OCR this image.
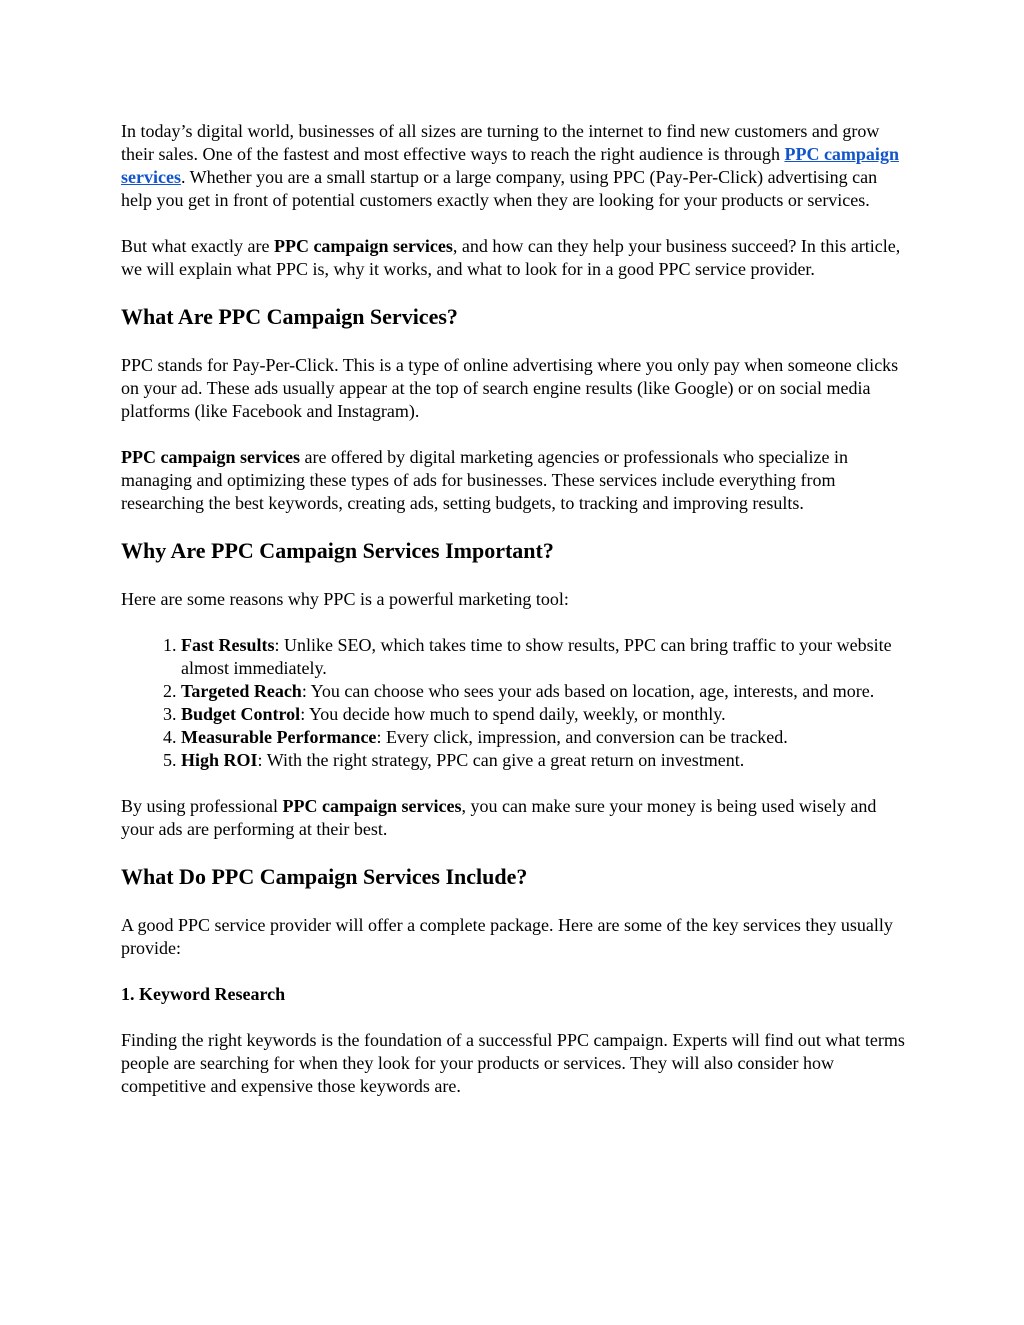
In today’s digital world, businesses of all sizes are turning to the internet to find new customers and grow their sales. One of the fastest and most effective ways to reach the right audience is through PPC campaign services. Whether you are a small startup or a large company, using PPC (Pay-Per-Click) advertising can help you get in front of potential customers exactly when they are looking for your products or services.

But what exactly are PPC campaign services, and how can they help your business succeed? In this article, we will explain what PPC is, why it works, and what to look for in a good PPC service provider.

What Are PPC Campaign Services?

PPC stands for Pay-Per-Click. This is a type of online advertising where you only pay when someone clicks on your ad. These ads usually appear at the top of search engine results (like Google) or on social media platforms (like Facebook and Instagram).

PPC campaign services are offered by digital marketing agencies or professionals who specialize in managing and optimizing these types of ads for businesses. These services include everything from researching the best keywords, creating ads, setting budgets, to tracking and improving results.

Why Are PPC Campaign Services Important?

Here are some reasons why PPC is a powerful marketing tool:

1. Fast Results: Unlike SEO, which takes time to show results, PPC can bring traffic to your website almost immediately.
2. Targeted Reach: You can choose who sees your ads based on location, age, interests, and more.
3. Budget Control: You decide how much to spend daily, weekly, or monthly.
4. Measurable Performance: Every click, impression, and conversion can be tracked.
5. High ROI: With the right strategy, PPC can give a great return on investment.

By using professional PPC campaign services, you can make sure your money is being used wisely and your ads are performing at their best.

What Do PPC Campaign Services Include?

A good PPC service provider will offer a complete package. Here are some of the key services they usually provide:

1. Keyword Research

Finding the right keywords is the foundation of a successful PPC campaign. Experts will find out what terms people are searching for when they look for your products or services. They will also consider how competitive and expensive those keywords are.
